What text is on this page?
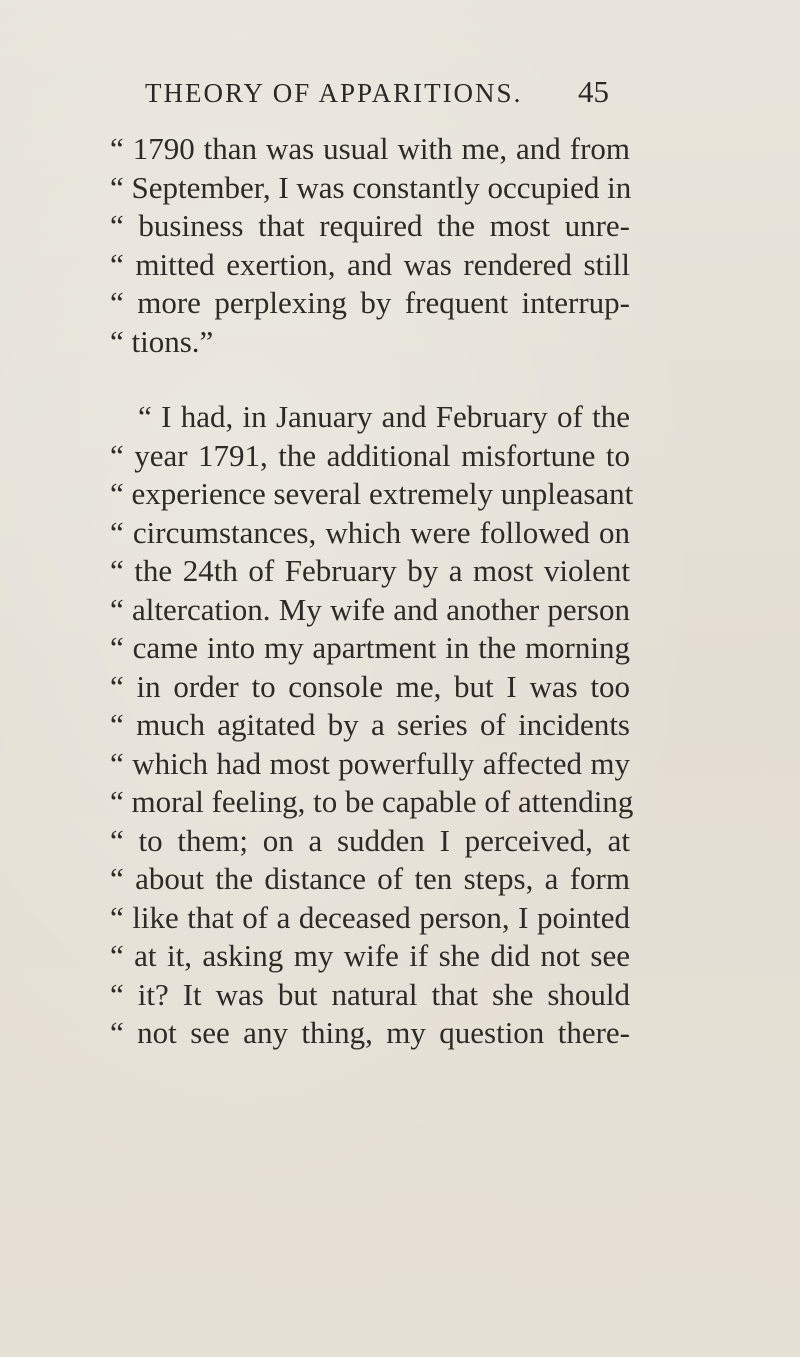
THEORY OF APPARITIONS. 45
“ 1790 than was usual with me, and from
“ September, I was constantly occupied in
“ business that required the most unre-
“ mitted exertion, and was rendered still
“ more perplexing by frequent interrup-
“ tions.”
“ I had, in January and February of the
“ year 1791, the additional misfortune to
“ experience several extremely unpleasant
“ circumstances, which were followed on
“ the 24th of February by a most violent
“ altercation. My wife and another person
“ came into my apartment in the morning
“ in order to console me, but I was too
“ much agitated by a series of incidents
“ which had most powerfully affected my
“ moral feeling, to be capable of attending
“ to them; on a sudden I perceived, at
“ about the distance of ten steps, a form
“ like that of a deceased person, I pointed
“ at it, asking my wife if she did not see
“ it? It was but natural that she should
“ not see any thing, my question there-
